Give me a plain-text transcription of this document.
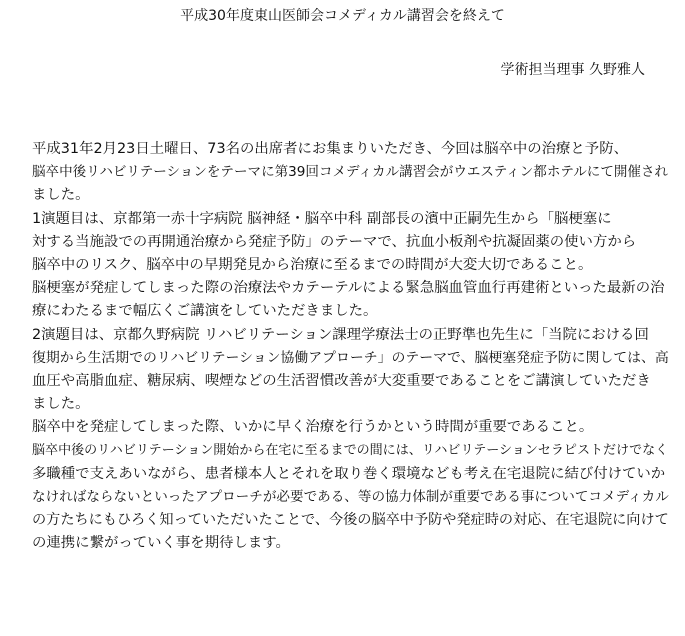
平成30年度東山医師会コメディカル講習会を終えて
学術担当理事 久野雅人
平成31年2月23日土曜日、73名の出席者にお集まりいただき、今回は脳卒中の治療と予防、
脳卒中後リハビリテーションをテーマに第39回コメディカル講習会がウエスティン都ホテルにて開催され
ました。
1演題目は、京都第一赤十字病院 脳神経・脳卒中科 副部長の濱中正嗣先生から「脳梗塞に
対する当施設での再開通治療から発症予防」のテーマで、抗血小板剤や抗凝固薬の使い方から
脳卒中のリスク、脳卒中の早期発見から治療に至るまでの時間が大変大切であること。
脳梗塞が発症してしまった際の治療法やカテーテルによる緊急脳血管血行再建術といった最新の治
療にわたるまで幅広くご講演をしていただきました。
2演題目は、京都久野病院 リハビリテーション課理学療法士の正野準也先生に「当院における回
復期から生活期でのリハビリテーション協働アプローチ」のテーマで、脳梗塞発症予防に関しては、高
血圧や高脂血症、糖尿病、喫煙などの生活習慣改善が大変重要であることをご講演していただき
ました。
脳卒中を発症してしまった際、いかに早く治療を行うかという時間が重要であること。
脳卒中後のリハビリテーション開始から在宅に至るまでの間には、リハビリテーションセラピストだけでなく
多職種で支えあいながら、患者様本人とそれを取り巻く環境なども考え在宅退院に結び付けていか
なければならないといったアプローチが必要である、等の協力体制が重要である事についてコメディカル
の方たちにもひろく知っていただいたことで、今後の脳卒中予防や発症時の対応、在宅退院に向けて
の連携に繋がっていく事を期待します。
